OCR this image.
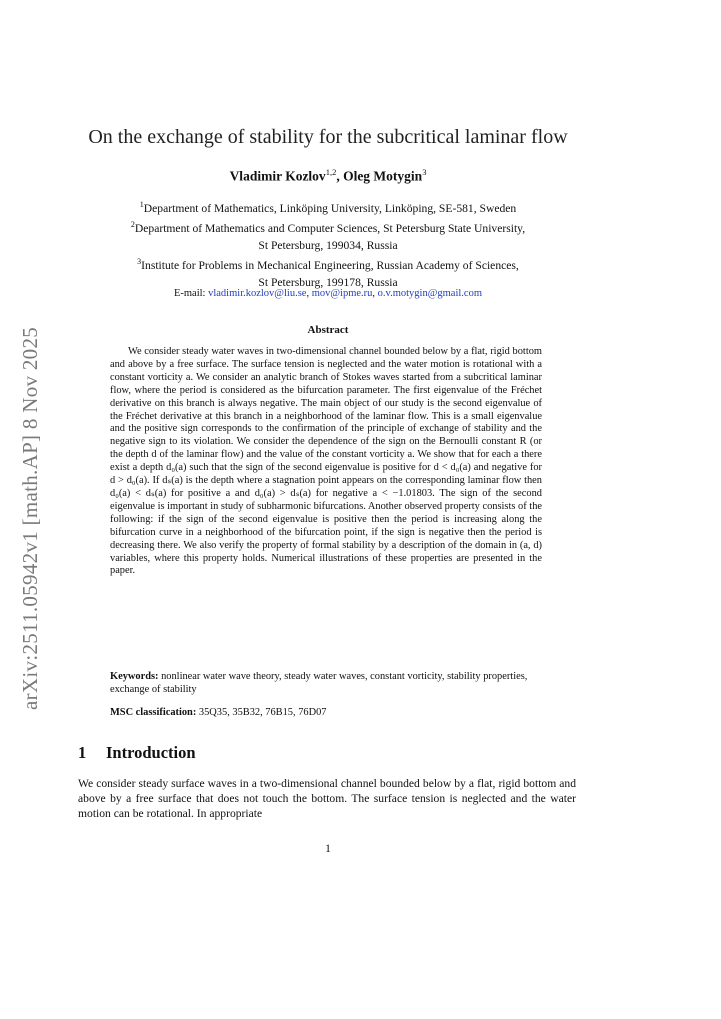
arXiv:2511.05942v1 [math.AP] 8 Nov 2025
On the exchange of stability for the subcritical laminar flow
Vladimir Kozlov$^{1,2}$, Oleg Motygin$^3$
$^1$Department of Mathematics, Linköping University, Linköping, SE-581, Sweden
$^2$Department of Mathematics and Computer Sciences, St Petersburg State University,
St Petersburg, 199034, Russia
$^3$Institute for Problems in Mechanical Engineering, Russian Academy of Sciences,
St Petersburg, 199178, Russia
E-mail: vladimir.kozlov@liu.se, mov@ipme.ru, o.v.motygin@gmail.com
Abstract

We consider steady water waves in two-dimensional channel bounded below by a flat, rigid bottom and above by a free surface. The surface tension is neglected and the water motion is rotational with a constant vorticity a. We consider an analytic branch of Stokes waves started from a subcritical laminar flow, where the period is considered as the bifurcation parameter. The first eigenvalue of the Fréchet derivative on this branch is always negative. The main object of our study is the second eigenvalue of the Fréchet derivative at this branch in a neighborhood of the laminar flow. This is a small eigenvalue and the positive sign corresponds to the confirmation of the principle of exchange of stability and the negative sign to its violation. We consider the dependence of the sign on the Bernoulli constant R (or the depth d of the laminar flow) and the value of the constant vorticity a. We show that for each a there exist a depth d₀(a) such that the sign of the second eigenvalue is positive for d < d₀(a) and negative for d > d₀(a). If dₛ(a) is the depth where a stagnation point appears on the corresponding laminar flow then d₀(a) < dₛ(a) for positive a and d₀(a) > dₛ(a) for negative a < −1.01803. The sign of the second eigenvalue is important in study of subharmonic bifurcations. Another observed property consists of the following: if the sign of the second eigenvalue is positive then the period is increasing along the bifurcation curve in a neighborhood of the bifurcation point, if the sign is negative then the period is decreasing there. We also verify the property of formal stability by a description of the domain in (a, d) variables, where this property holds. Numerical illustrations of these properties are presented in the paper.

Keywords: nonlinear water wave theory, steady water waves, constant vorticity, stability properties, exchange of stability

MSC classification: 35Q35, 35B32, 76B15, 76D07

1 Introduction

We consider steady surface waves in a two-dimensional channel bounded below by a flat, rigid bottom and above by a free surface that does not touch the bottom. The surface tension is neglected and the water motion can be rotational. In appropriate

1
